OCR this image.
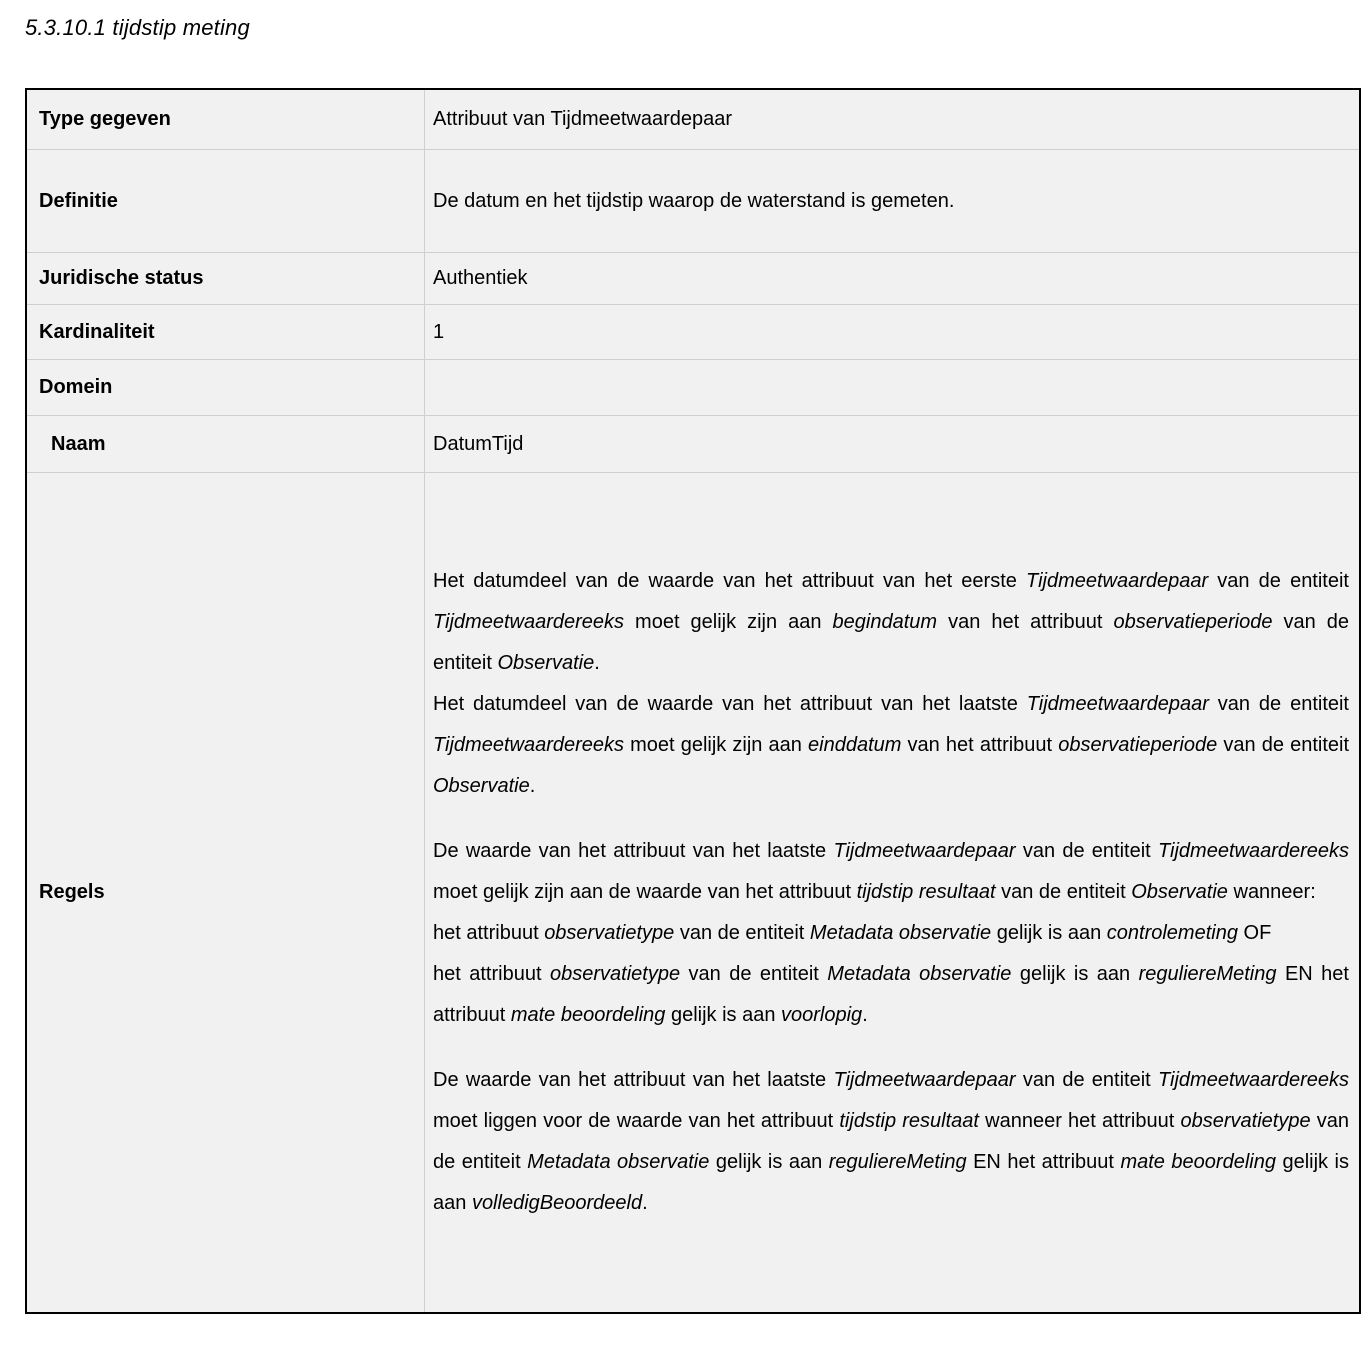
5.3.10.1 tijdstip meting
Type gegeven	Attribuut van Tijdmeetwaardepaar
Definitie	De datum en het tijdstip waarop de waterstand is gemeten.
Juridische status	Authentiek
Kardinaliteit	1
Domein	
Naam	DatumTijd
Regels	

Het datumdeel van de waarde van het attribuut van het eerste Tijdmeetwaardepaar van de entiteit Tijdmeetwaardereeks moet gelijk zijn aan begindatum van het attribuut observatieperiode van de entiteit Observatie.

Het datumdeel van de waarde van het attribuut van het laatste Tijdmeetwaardepaar van de entiteit Tijdmeetwaardereeks moet gelijk zijn aan einddatum van het attribuut observatieperiode van de entiteit Observatie.

De waarde van het attribuut van het laatste Tijdmeetwaardepaar van de entiteit Tijdmeetwaardereeks moet gelijk zijn aan de waarde van het attribuut tijdstip resultaat van de entiteit Observatie wanneer:

het attribuut observatietype van de entiteit Metadata observatie gelijk is aan controlemeting OF

het attribuut observatietype van de entiteit Metadata observatie gelijk is aan reguliereMeting EN het attribuut mate beoordeling gelijk is aan voorlopig.

De waarde van het attribuut van het laatste Tijdmeetwaardepaar van de entiteit Tijdmeetwaardereeks moet liggen voor de waarde van het attribuut tijdstip resultaat wanneer het attribuut observatietype van de entiteit Metadata observatie gelijk is aan reguliereMeting EN het attribuut mate beoordeling gelijk is aan volledigBeoordeeld.
